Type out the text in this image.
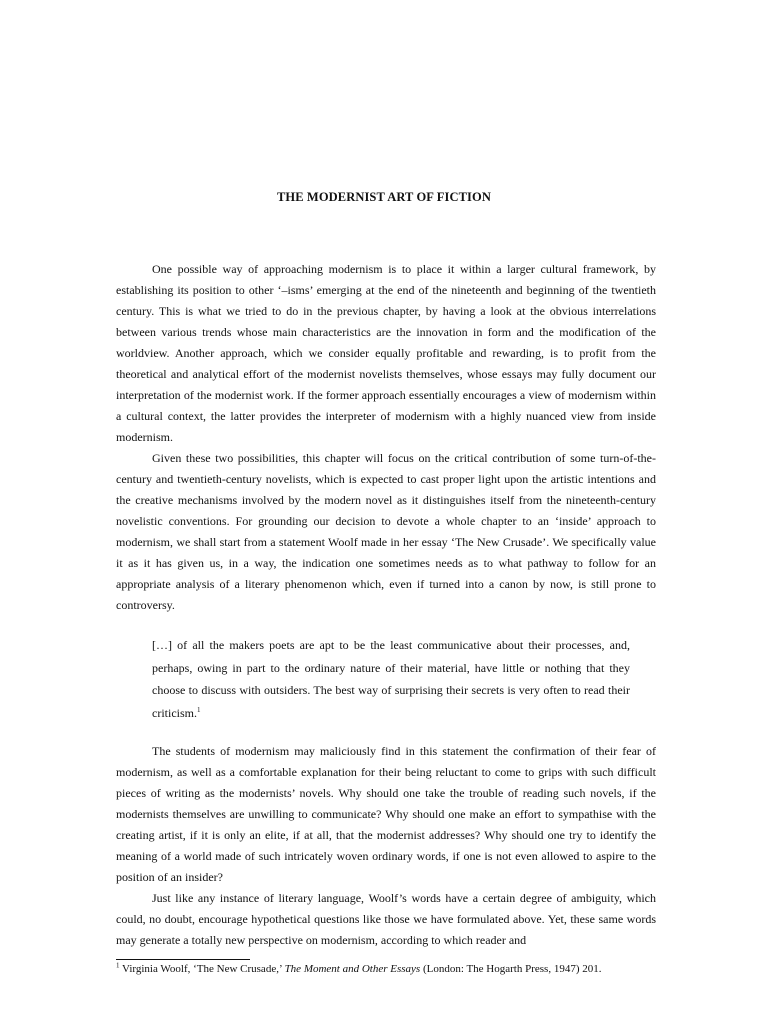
THE MODERNIST ART OF FICTION

One possible way of approaching modernism is to place it within a larger cultural framework, by establishing its position to other ‘–isms’ emerging at the end of the nineteenth and beginning of the twentieth century. This is what we tried to do in the previous chapter, by having a look at the obvious interrelations between various trends whose main characteristics are the innovation in form and the modification of the worldview. Another approach, which we consider equally profitable and rewarding, is to profit from the theoretical and analytical effort of the modernist novelists themselves, whose essays may fully document our interpretation of the modernist work. If the former approach essentially encourages a view of modernism within a cultural context, the latter provides the interpreter of modernism with a highly nuanced view from inside modernism.

Given these two possibilities, this chapter will focus on the critical contribution of some turn-of-the-century and twentieth-century novelists, which is expected to cast proper light upon the artistic intentions and the creative mechanisms involved by the modern novel as it distinguishes itself from the nineteenth-century novelistic conventions. For grounding our decision to devote a whole chapter to an ‘inside’ approach to modernism, we shall start from a statement Woolf made in her essay ‘The New Crusade’. We specifically value it as it has given us, in a way, the indication one sometimes needs as to what pathway to follow for an appropriate analysis of a literary phenomenon which, even if turned into a canon by now, is still prone to controversy.

[…] of all the makers poets are apt to be the least communicative about their processes, and, perhaps, owing in part to the ordinary nature of their material, have little or nothing that they choose to discuss with outsiders. The best way of surprising their secrets is very often to read their criticism.$^1$

The students of modernism may maliciously find in this statement the confirmation of their fear of modernism, as well as a comfortable explanation for their being reluctant to come to grips with such difficult pieces of writing as the modernists’ novels. Why should one take the trouble of reading such novels, if the modernists themselves are unwilling to communicate? Why should one make an effort to sympathise with the creating artist, if it is only an elite, if at all, that the modernist addresses? Why should one try to identify the meaning of a world made of such intricately woven ordinary words, if one is not even allowed to aspire to the position of an insider?

Just like any instance of literary language, Woolf’s words have a certain degree of ambiguity, which could, no doubt, encourage hypothetical questions like those we have formulated above. Yet, these same words may generate a totally new perspective on modernism, according to which reader and

$^1$ Virginia Woolf, ‘The New Crusade,’ The Moment and Other Essays (London: The Hogarth Press, 1947) 201.
